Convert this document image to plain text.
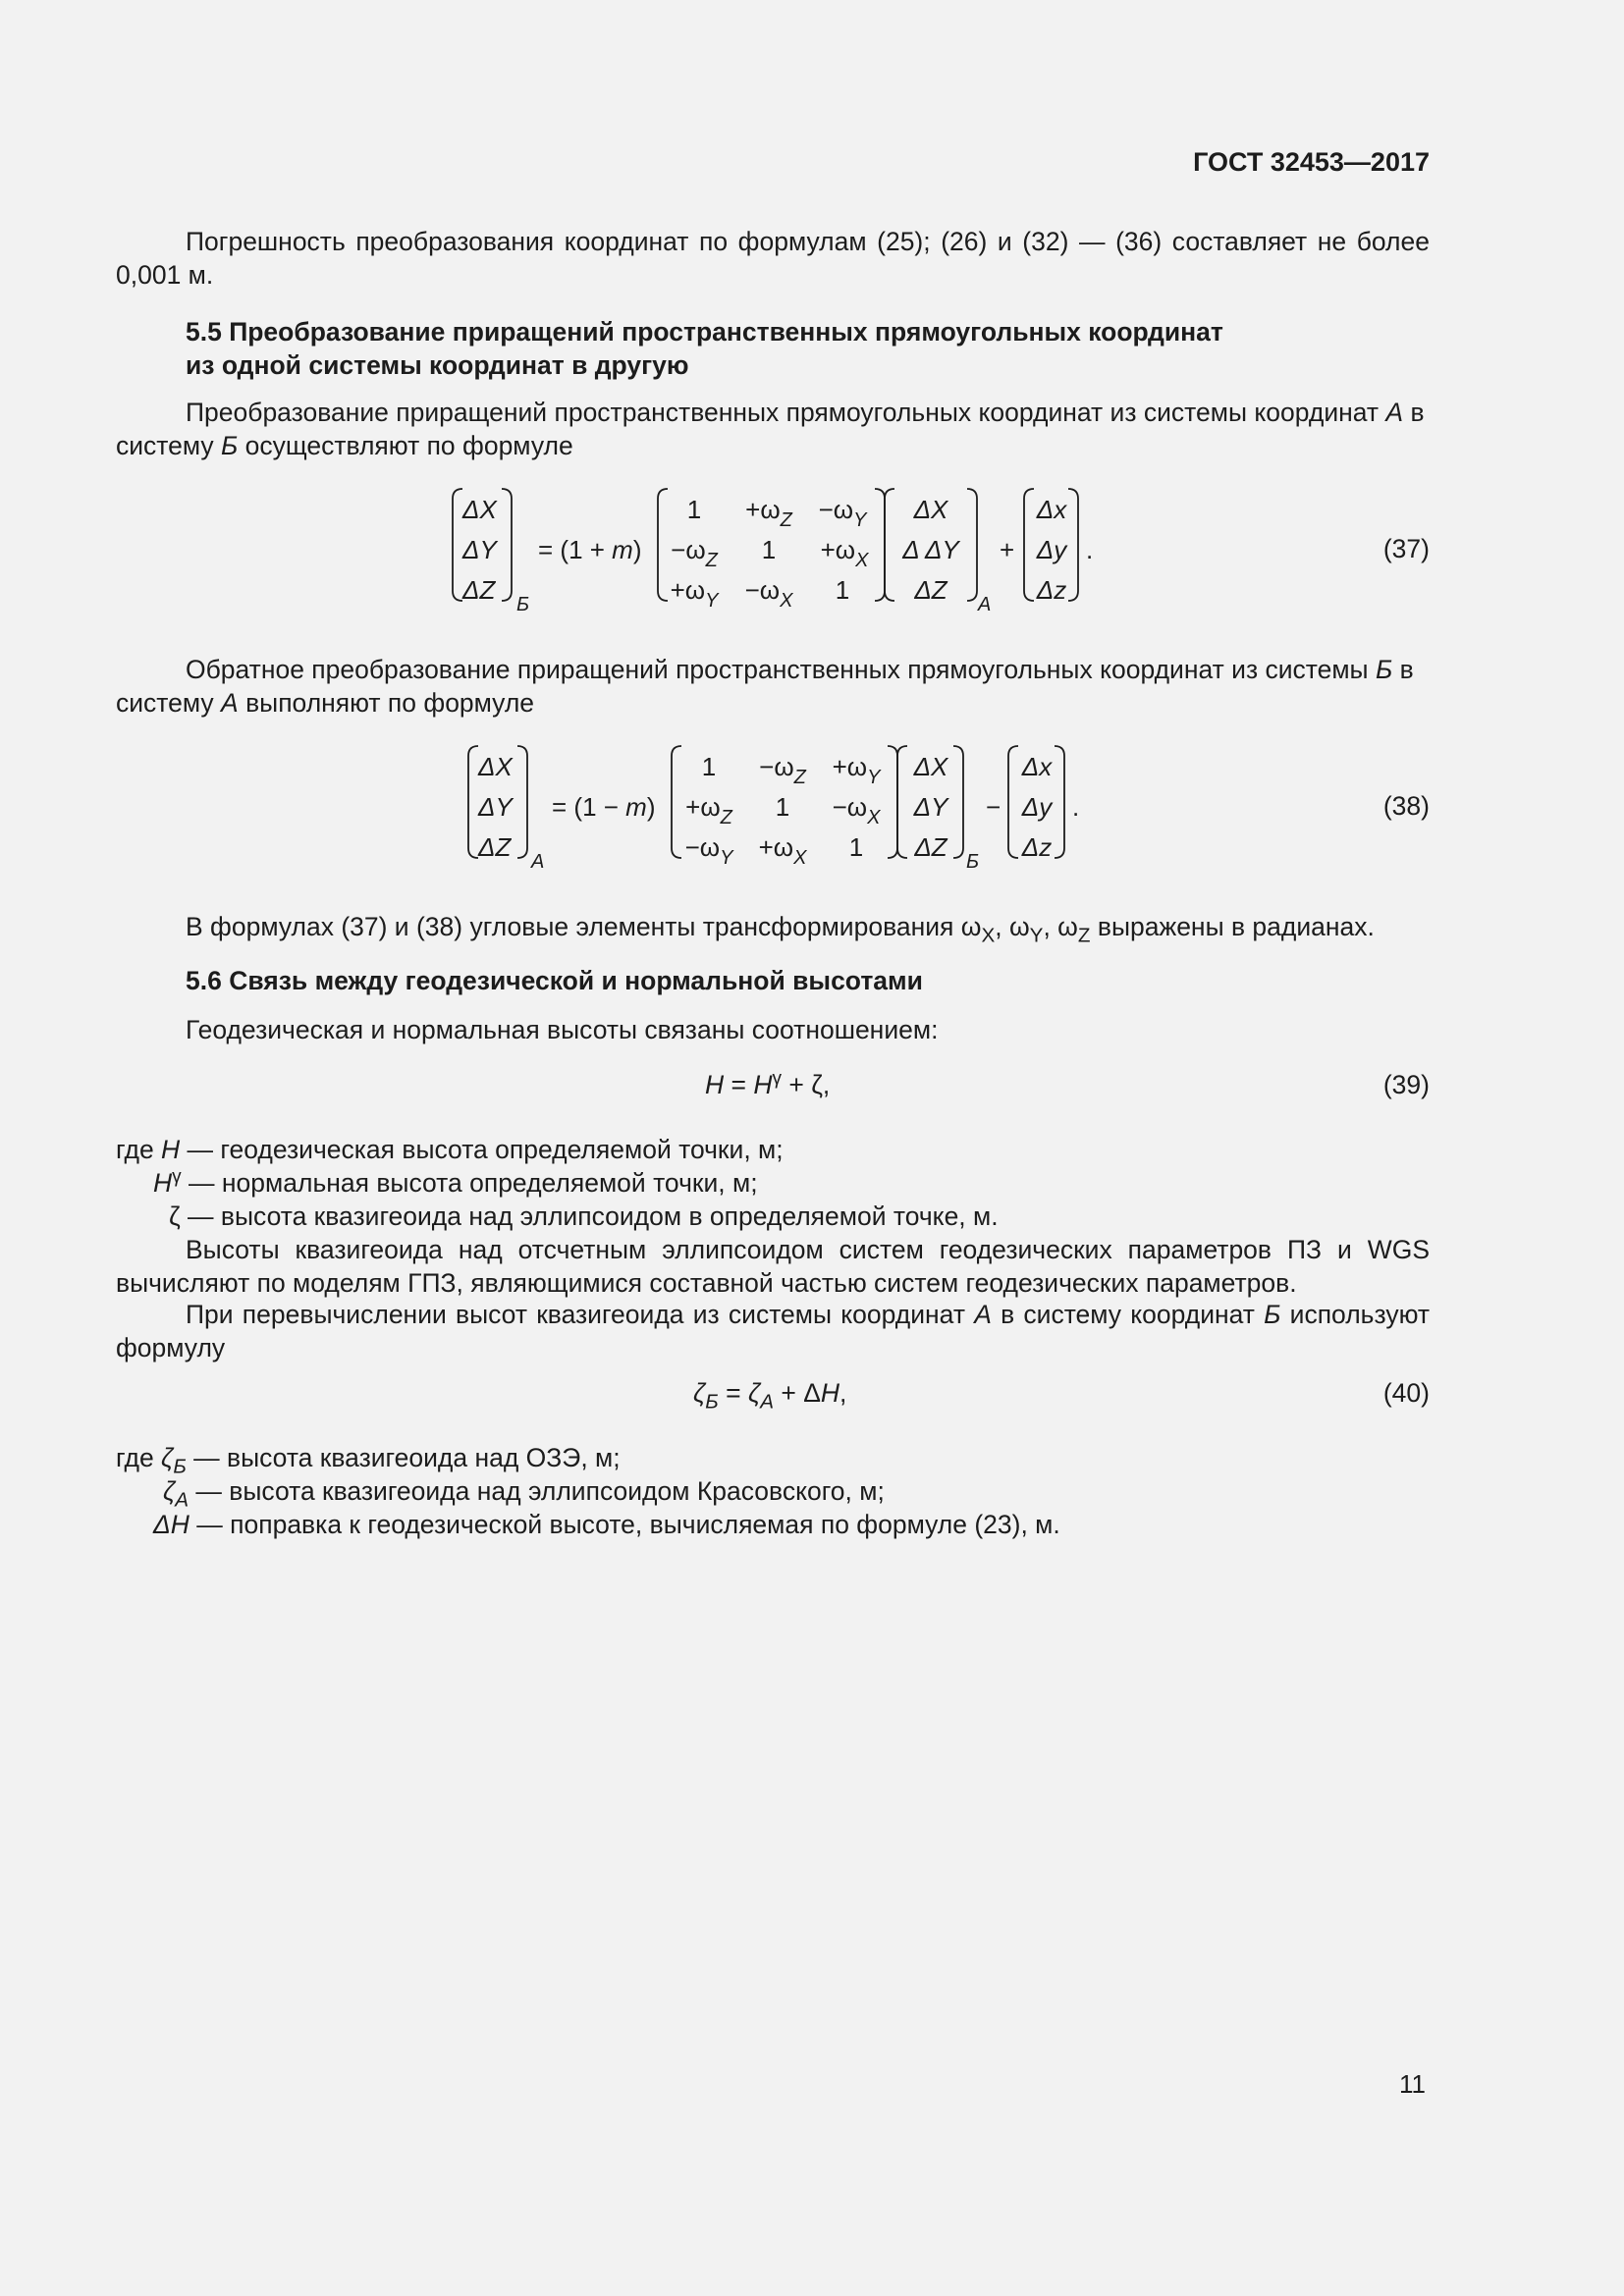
ГОСТ 32453—2017
Погрешность преобразования координат по формулам (25); (26) и (32) — (36) составляет не более 0,001 м.
5.5 Преобразование приращений пространственных прямоугольных координат
из одной системы координат в другую
Преобразование приращений пространственных прямоугольных координат из системы координат А в
систему Б осуществляют по формуле
ΔX
ΔY
ΔZ Б
= (1 + m)
$1 +\omega_Z -\omega_Y$
$-\omega_Z$ $1 +\omega_X$
$+\omega_Y -\omega_X$ 1
ΔX
Δ ΔY
ΔZ А
+
Δx
Δy
Δz
.	(37)
Обратное преобразование приращений пространственных прямоугольных координат из системы Б в
систему А выполняют по формуле
ΔX
ΔY
ΔZ А
= (1 − m)
$1 -\omega_Z +\omega_Y$
$+\omega_Z$ $1 -\omega_X$
$-\omega_Y +\omega_X$ 1
ΔX
ΔY
ΔZ Б
−
Δx
Δy
Δz
.	(38)
В формулах (37) и (38) угловые элементы трансформирования $\omega_X$, $\omega_Y$, $\omega_Z$ выражены в радианах.
5.6 Связь между геодезической и нормальной высотами
Геодезическая и нормальная высоты связаны соотношением:
$H = H^\gamma + \zeta$,	(39)
где H — геодезическая высота определяемой точки, м;
$H^\gamma$ — нормальная высота определяемой точки, м;
ζ — высота квазигеоида над эллипсоидом в определяемой точке, м.
Высоты квазигеоида над отсчетным эллипсоидом систем геодезических параметров ПЗ и WGS вычисляют по моделям ГПЗ, являющимися составной частью систем геодезических параметров.
При перевычислении высот квазигеоида из системы координат А в систему координат Б используют формулу
$\zeta_Б = \zeta_А + \Delta H$,	(40)
где $\zeta_Б$ — высота квазигеоида над ОЗЭ, м;
$\zeta_А$ — высота квазигеоида над эллипсоидом Красовского, м;
ΔH — поправка к геодезической высоте, вычисляемая по формуле (23), м.
11
